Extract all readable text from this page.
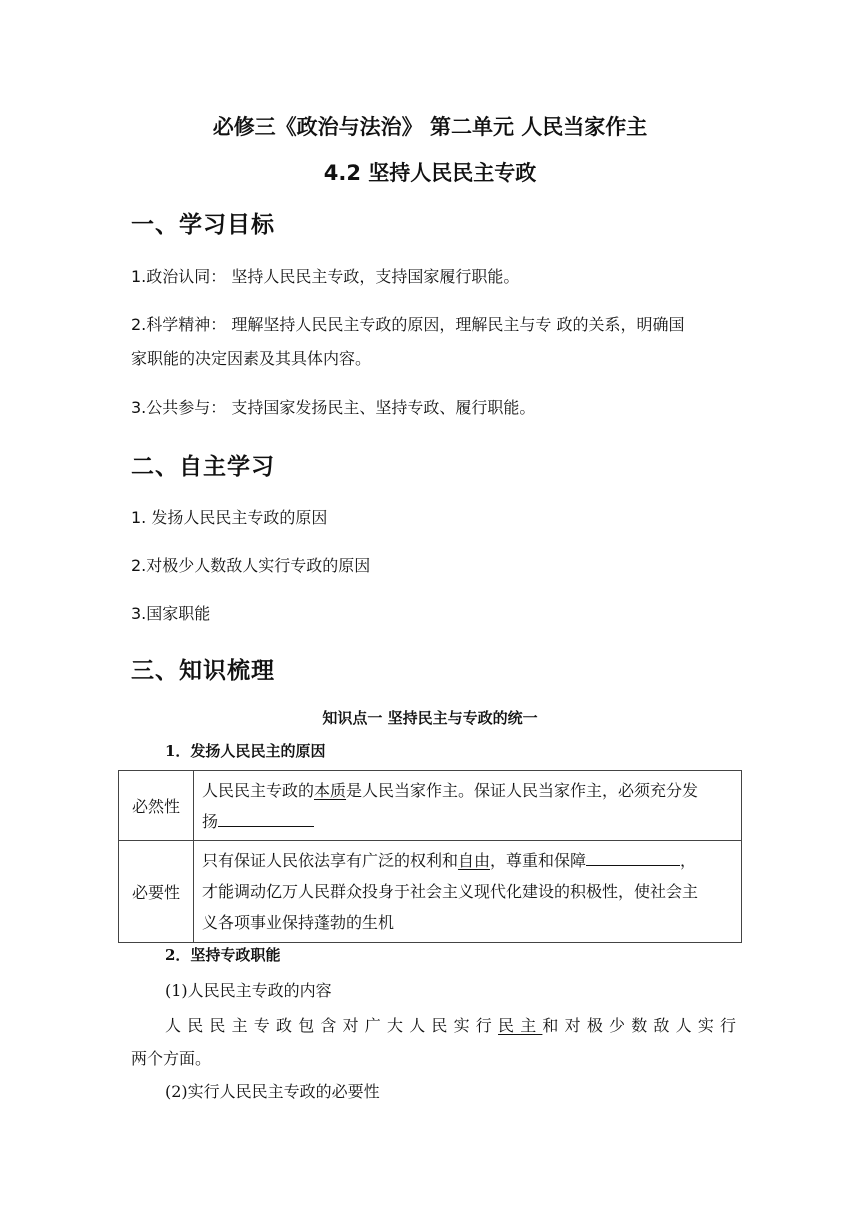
必修三《政治与法治》 第二单元 人民当家作主

4.2 坚持人民民主专政

一、学习目标

1.政治认同： 坚持人民民主专政，支持国家履行职能。

2.科学精神： 理解坚持人民民主专政的原因，理解民主与专 政的关系，明确国

家职能的决定因素及其具体内容。

3.公共参与： 支持国家发扬民主、坚持专政、履行职能。

二、自主学习

1. 发扬人民民主专政的原因

2.对极少人数敌人实行专政的原因

3.国家职能

三、知识梳理

知识点一 坚持民主与专政的统一

1．发扬人民民主的原因

必然性	人民民主专政的本质是人民当家作主。保证人民当家作主，必须充分发
扬
必要性	只有保证人民依法享有广泛的权利和自由，尊重和保障 ，
才能调动亿万人民群众投身于社会主义现代化建设的积极性，使社会主
义各项事业保持蓬勃的生机

2．坚持专政职能

(1)人民民主专政的内容

人民民主专政包含对广大人民实行民主和对极少数敌人实行

两个方面。

(2)实行人民民主专政的必要性
